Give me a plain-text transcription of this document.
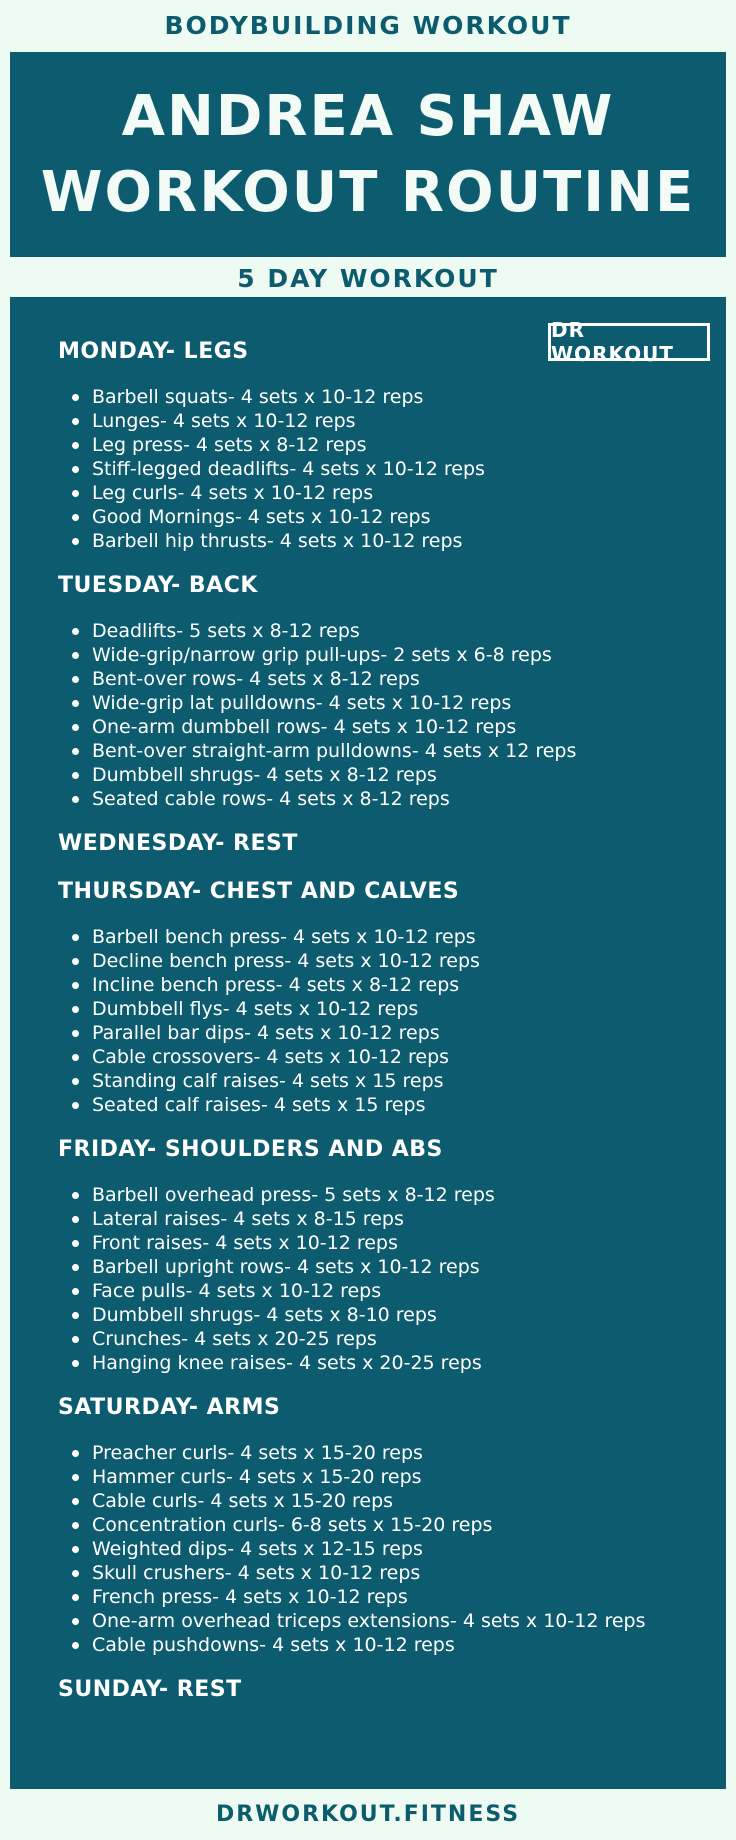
BODYBUILDING WORKOUT
ANDREA SHAW
WORKOUT ROUTINE
5 DAY WORKOUT
DR WORKOUT
MONDAY- LEGS
Barbell squats- 4 sets x 10-12 reps
Lunges- 4 sets x 10-12 reps
Leg press- 4 sets x 8-12 reps
Stiff-legged deadlifts- 4 sets x 10-12 reps
Leg curls- 4 sets x 10-12 reps
Good Mornings- 4 sets x 10-12 reps
Barbell hip thrusts- 4 sets x 10-12 reps
TUESDAY- BACK
Deadlifts- 5 sets x 8-12 reps
Wide-grip/narrow grip pull-ups- 2 sets x 6-8 reps
Bent-over rows- 4 sets x 8-12 reps
Wide-grip lat pulldowns- 4 sets x 10-12 reps
One-arm dumbbell rows- 4 sets x 10-12 reps
Bent-over straight-arm pulldowns- 4 sets x 12 reps
Dumbbell shrugs- 4 sets x 8-12 reps
Seated cable rows- 4 sets x 8-12 reps
WEDNESDAY- REST
THURSDAY- CHEST AND CALVES
Barbell bench press- 4 sets x 10-12 reps
Decline bench press- 4 sets x 10-12 reps
Incline bench press- 4 sets x 8-12 reps
Dumbbell flys- 4 sets x 10-12 reps
Parallel bar dips- 4 sets x 10-12 reps
Cable crossovers- 4 sets x 10-12 reps
Standing calf raises- 4 sets x 15 reps
Seated calf raises- 4 sets x 15 reps
FRIDAY- SHOULDERS AND ABS
Barbell overhead press- 5 sets x 8-12 reps
Lateral raises- 4 sets x 8-15 reps
Front raises- 4 sets x 10-12 reps
Barbell upright rows- 4 sets x 10-12 reps
Face pulls- 4 sets x 10-12 reps
Dumbbell shrugs- 4 sets x 8-10 reps
Crunches- 4 sets x 20-25 reps
Hanging knee raises- 4 sets x 20-25 reps
SATURDAY- ARMS
Preacher curls- 4 sets x 15-20 reps
Hammer curls- 4 sets x 15-20 reps
Cable curls- 4 sets x 15-20 reps
Concentration curls- 6-8 sets x 15-20 reps
Weighted dips- 4 sets x 12-15 reps
Skull crushers- 4 sets x 10-12 reps
French press- 4 sets x 10-12 reps
One-arm overhead triceps extensions- 4 sets x 10-12 reps
Cable pushdowns- 4 sets x 10-12 reps
SUNDAY- REST
DRWORKOUT.FITNESS
